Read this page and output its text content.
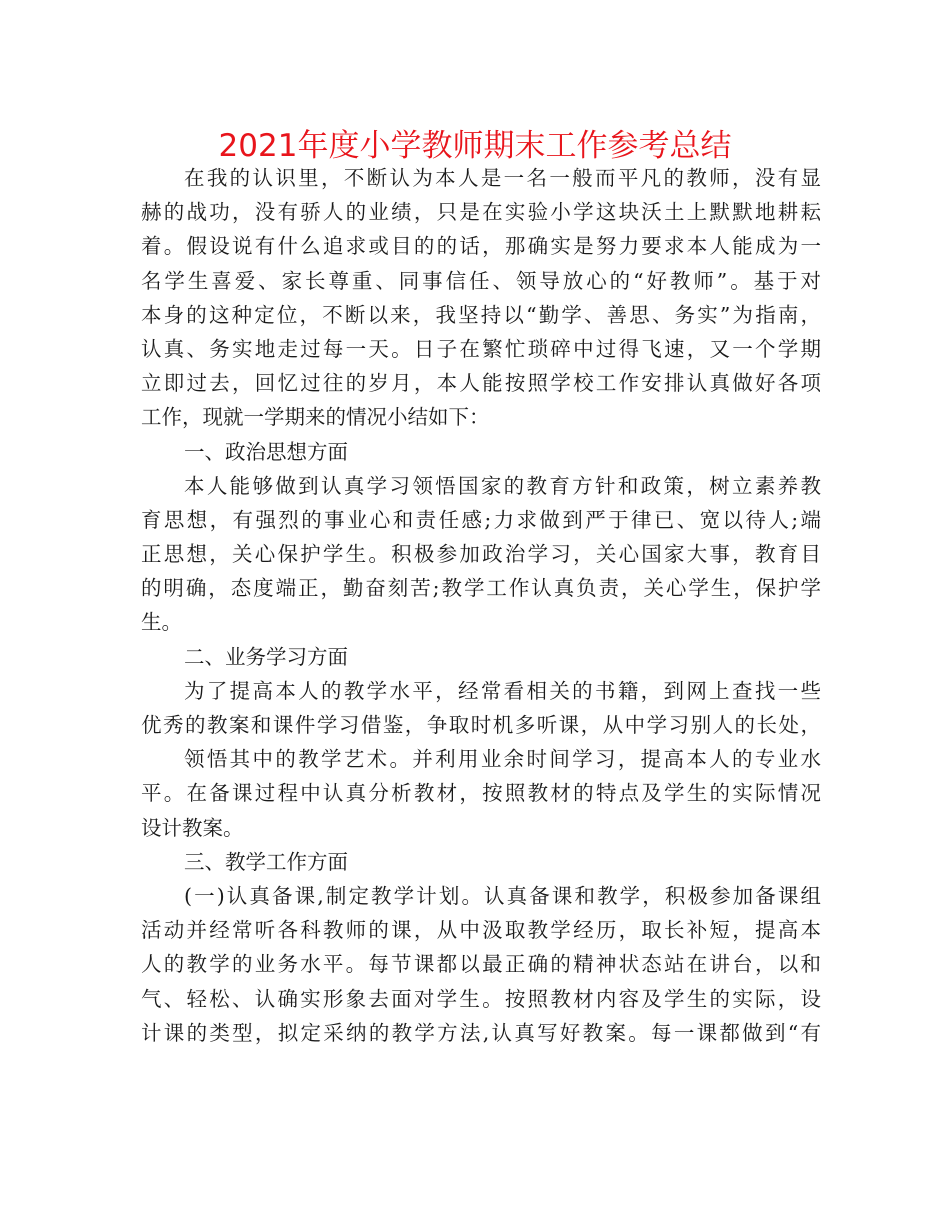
2021年度小学教师期末工作参考总结
在我的认识里，不断认为本人是一名一般而平凡的教师，没有显
赫的战功，没有骄人的业绩，只是在实验小学这块沃土上默默地耕耘
着。假设说有什么追求或目的的话，那确实是努力要求本人能成为一
名学生喜爱、家长尊重、同事信任、领导放心的“好教师”。基于对
本身的这种定位，不断以来，我坚持以“勤学、善思、务实”为指南，
认真、务实地走过每一天。日子在繁忙琐碎中过得飞速，又一个学期
立即过去，回忆过往的岁月，本人能按照学校工作安排认真做好各项
工作，现就一学期来的情况小结如下：
一、政治思想方面
本人能够做到认真学习领悟国家的教育方针和政策，树立素养教
育思想，有强烈的事业心和责任感;力求做到严于律已、宽以待人;端
正思想，关心保护学生。积极参加政治学习，关心国家大事，教育目
的明确，态度端正，勤奋刻苦;教学工作认真负责，关心学生，保护学
生。
二、业务学习方面
为了提高本人的教学水平，经常看相关的书籍，到网上查找一些
优秀的教案和课件学习借鉴，争取时机多听课，从中学习别人的长处，
领悟其中的教学艺术。并利用业余时间学习，提高本人的专业水
平。在备课过程中认真分析教材，按照教材的特点及学生的实际情况
设计教案。
三、教学工作方面
(一)认真备课,制定教学计划。认真备课和教学，积极参加备课组
活动并经常听各科教师的课，从中汲取教学经历，取长补短，提高本
人的教学的业务水平。每节课都以最正确的精神状态站在讲台，以和
气、轻松、认确实形象去面对学生。按照教材内容及学生的实际，设
计课的类型，拟定采纳的教学方法,认真写好教案。每一课都做到“有
